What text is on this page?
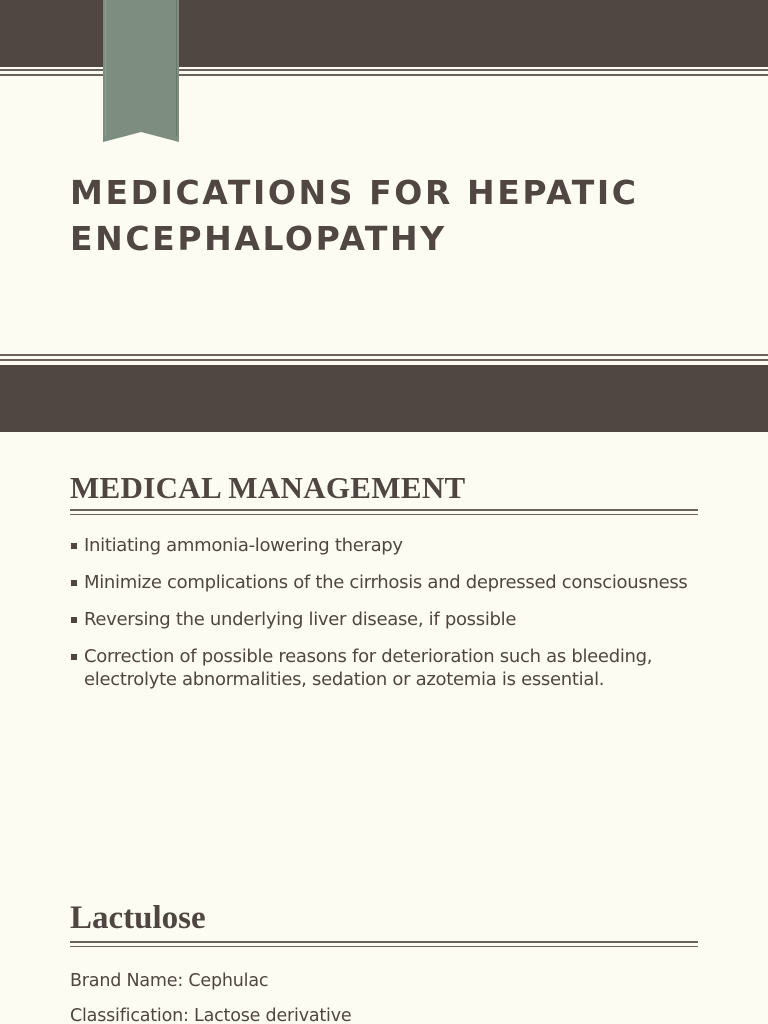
MEDICATIONS FOR HEPATIC ENCEPHALOPATHY
MEDICAL MANAGEMENT
Initiating ammonia-lowering therapy
Minimize complications of the cirrhosis and depressed consciousness
Reversing the underlying liver disease, if possible
Correction of possible reasons for deterioration such as bleeding, electrolyte abnormalities, sedation or azotemia is essential.
Lactulose

Brand Name: Cephulac

Classification: Lactose derivative
